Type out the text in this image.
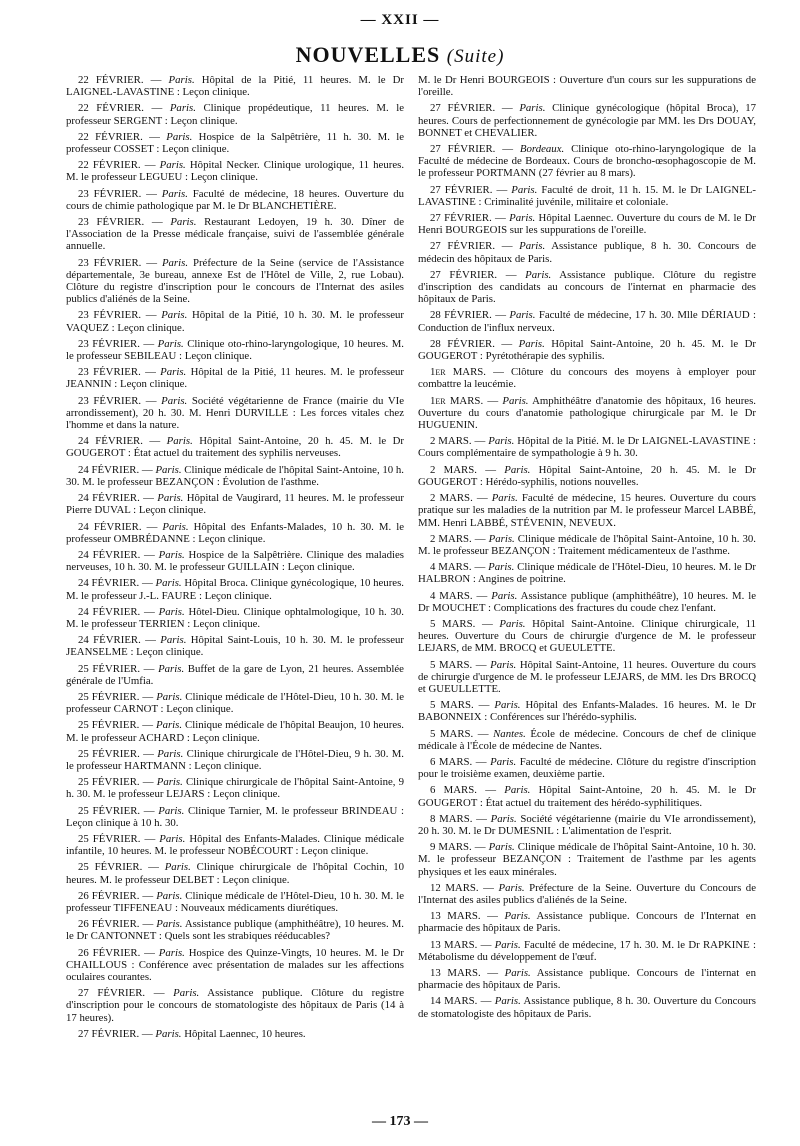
— XXII —
NOUVELLES (Suite)

22 FÉVRIER. — Paris. Hôpital de la Pitié, 11 heures. M. le Dr LAIGNEL-LAVASTINE : Leçon clinique.

22 FÉVRIER. — Paris. Clinique propédeutique, 11 heures. M. le professeur SERGENT : Leçon clinique.

22 FÉVRIER. — Paris. Hospice de la Salpêtrière, 11 h. 30. M. le professeur COSSET : Leçon clinique.

22 FÉVRIER. — Paris. Hôpital Necker. Clinique urologique, 11 heures. M. le professeur LEGUEU : Leçon clinique.

23 FÉVRIER. — Paris. Faculté de médecine, 18 heures. Ouverture du cours de chimie pathologique par M. le Dr BLANCHETIÈRE.

23 FÉVRIER. — Paris. Restaurant Ledoyen, 19 h. 30. Dîner de l'Association de la Presse médicale française, suivi de l'assemblée générale annuelle.

23 FÉVRIER. — Paris. Préfecture de la Seine (service de l'Assistance départementale, 3e bureau, annexe Est de l'Hôtel de Ville, 2, rue Lobau). Clôture du registre d'inscription pour le concours de l'Internat des asiles publics d'aliénés de la Seine.

23 FÉVRIER. — Paris. Hôpital de la Pitié, 10 h. 30. M. le professeur VAQUEZ : Leçon clinique.

23 FÉVRIER. — Paris. Clinique oto-rhino-laryngologique, 10 heures. M. le professeur SEBILEAU : Leçon clinique.

23 FÉVRIER. — Paris. Hôpital de la Pitié, 11 heures. M. le professeur JEANNIN : Leçon clinique.

23 FÉVRIER. — Paris. Société végétarienne de France (mairie du VIe arrondissement), 20 h. 30. M. Henri DURVILLE : Les forces vitales chez l'homme et dans la nature.

24 FÉVRIER. — Paris. Hôpital Saint-Antoine, 20 h. 45. M. le Dr GOUGEROT : État actuel du traitement des syphilis nerveuses.

24 FÉVRIER. — Paris. Clinique médicale de l'hôpital Saint-Antoine, 10 h. 30. M. le professeur BEZANÇON : Évolution de l'asthme.

24 FÉVRIER. — Paris. Hôpital de Vaugirard, 11 heures. M. le professeur Pierre DUVAL : Leçon clinique.

24 FÉVRIER. — Paris. Hôpital des Enfants-Malades, 10 h. 30. M. le professeur OMBRÉDANNE : Leçon clinique.

24 FÉVRIER. — Paris. Hospice de la Salpêtrière. Clinique des maladies nerveuses, 10 h. 30. M. le professeur GUILLAIN : Leçon clinique.

24 FÉVRIER. — Paris. Hôpital Broca. Clinique gynécologique, 10 heures. M. le professeur J.-L. FAURE : Leçon clinique.

24 FÉVRIER. — Paris. Hôtel-Dieu. Clinique ophtalmologique, 10 h. 30. M. le professeur TERRIEN : Leçon clinique.

24 FÉVRIER. — Paris. Hôpital Saint-Louis, 10 h. 30. M. le professeur JEANSELME : Leçon clinique.

25 FÉVRIER. — Paris. Buffet de la gare de Lyon, 21 heures. Assemblée générale de l'Umfia.

25 FÉVRIER. — Paris. Clinique médicale de l'Hôtel-Dieu, 10 h. 30. M. le professeur CARNOT : Leçon clinique.

25 FÉVRIER. — Paris. Clinique médicale de l'hôpital Beaujon, 10 heures. M. le professeur ACHARD : Leçon clinique.

25 FÉVRIER. — Paris. Clinique chirurgicale de l'Hôtel-Dieu, 9 h. 30. M. le professeur HARTMANN : Leçon clinique.

25 FÉVRIER. — Paris. Clinique chirurgicale de l'hôpital Saint-Antoine, 9 h. 30. M. le professeur LEJARS : Leçon clinique.

25 FÉVRIER. — Paris. Clinique Tarnier, M. le professeur BRINDEAU : Leçon clinique à 10 h. 30.

25 FÉVRIER. — Paris. Hôpital des Enfants-Malades. Clinique médicale infantile, 10 heures. M. le professeur NOBÉCOURT : Leçon clinique.

25 FÉVRIER. — Paris. Clinique chirurgicale de l'hôpital Cochin, 10 heures. M. le professeur DELBET : Leçon clinique.

26 FÉVRIER. — Paris. Clinique médicale de l'Hôtel-Dieu, 10 h. 30. M. le professeur TIFFENEAU : Nouveaux médicaments diurétiques.

26 FÉVRIER. — Paris. Assistance publique (amphithéâtre), 10 heures. M. le Dr CANTONNET : Quels sont les strabiques rééducables?

26 FÉVRIER. — Paris. Hospice des Quinze-Vingts, 10 heures. M. le Dr CHAILLOUS : Conférence avec présentation de malades sur les affections oculaires courantes.

27 FÉVRIER. — Paris. Assistance publique. Clôture du registre d'inscription pour le concours de stomatologiste des hôpitaux de Paris (14 à 17 heures).

27 FÉVRIER. — Paris. Hôpital Laennec, 10 heures.

M. le Dr Henri BOURGEOIS : Ouverture d'un cours sur les suppurations de l'oreille.

27 FÉVRIER. — Paris. Clinique gynécologique (hôpital Broca), 17 heures. Cours de perfectionnement de gynécologie par MM. les Drs DOUAY, BONNET et CHEVALIER.

27 FÉVRIER. — Bordeaux. Clinique oto-rhino-laryngologique de la Faculté de médecine de Bordeaux. Cours de broncho-œsophagoscopie de M. le professeur PORTMANN (27 février au 8 mars).

27 FÉVRIER. — Paris. Faculté de droit, 11 h. 15. M. le Dr LAIGNEL-LAVASTINE : Criminalité juvénile, militaire et coloniale.

27 FÉVRIER. — Paris. Hôpital Laennec. Ouverture du cours de M. le Dr Henri BOURGEOIS sur les suppurations de l'oreille.

27 FÉVRIER. — Paris. Assistance publique, 8 h. 30. Concours de médecin des hôpitaux de Paris.

27 FÉVRIER. — Paris. Assistance publique. Clôture du registre d'inscription des candidats au concours de l'internat en pharmacie des hôpitaux de Paris.

28 FÉVRIER. — Paris. Faculté de médecine, 17 h. 30. Mlle DÉRIAUD : Conduction de l'influx nerveux.

28 FÉVRIER. — Paris. Hôpital Saint-Antoine, 20 h. 45. M. le Dr GOUGEROT : Pyrétothérapie des syphilis.

1er MARS. — Clôture du concours des moyens à employer pour combattre la leucémie.

1er MARS. — Paris. Amphithéâtre d'anatomie des hôpitaux, 16 heures. Ouverture du cours d'anatomie pathologique chirurgicale par M. le Dr HUGUENIN.

2 MARS. — Paris. Hôpital de la Pitié. M. le Dr LAIGNEL-LAVASTINE : Cours complémentaire de sympathologie à 9 h. 30.

2 MARS. — Paris. Hôpital Saint-Antoine, 20 h. 45. M. le Dr GOUGEROT : Hérédo-syphilis, notions nouvelles.

2 MARS. — Paris. Faculté de médecine, 15 heures. Ouverture du cours pratique sur les maladies de la nutrition par M. le professeur Marcel LABBÉ, MM. Henri LABBÉ, STÉVENIN, NEVEUX.

2 MARS. — Paris. Clinique médicale de l'hôpital Saint-Antoine, 10 h. 30. M. le professeur BEZANÇON : Traitement médicamenteux de l'asthme.

4 MARS. — Paris. Clinique médicale de l'Hôtel-Dieu, 10 heures. M. le Dr HALBRON : Angines de poitrine.

4 MARS. — Paris. Assistance publique (amphithéâtre), 10 heures. M. le Dr MOUCHET : Complications des fractures du coude chez l'enfant.

5 MARS. — Paris. Hôpital Saint-Antoine. Clinique chirurgicale, 11 heures. Ouverture du Cours de chirurgie d'urgence de M. le professeur LEJARS, de MM. BROCQ et GUEULETTE.

5 MARS. — Paris. Hôpital Saint-Antoine, 11 heures. Ouverture du cours de chirurgie d'urgence de M. le professeur LEJARS, de MM. les Drs BROCQ et GUEULLETTE.

5 MARS. — Paris. Hôpital des Enfants-Malades. 16 heures. M. le Dr BABONNEIX : Conférences sur l'hérédo-syphilis.

5 MARS. — Nantes. École de médecine. Concours de chef de clinique médicale à l'École de médecine de Nantes.

6 MARS. — Paris. Faculté de médecine. Clôture du registre d'inscription pour le troisième examen, deuxième partie.

6 MARS. — Paris. Hôpital Saint-Antoine, 20 h. 45. M. le Dr GOUGEROT : État actuel du traitement des hérédo-syphilitiques.

8 MARS. — Paris. Société végétarienne (mairie du VIe arrondissement), 20 h. 30. M. le Dr DUMESNIL : L'alimentation de l'esprit.

9 MARS. — Paris. Clinique médicale de l'hôpital Saint-Antoine, 10 h. 30. M. le professeur BEZANÇON : Traitement de l'asthme par les agents physiques et les eaux minérales.

12 MARS. — Paris. Préfecture de la Seine. Ouverture du Concours de l'Internat des asiles publics d'aliénés de la Seine.

13 MARS. — Paris. Assistance publique. Concours de l'Internat en pharmacie des hôpitaux de Paris.

13 MARS. — Paris. Faculté de médecine, 17 h. 30. M. le Dr RAPKINE : Métabolisme du développement de l'œuf.

13 MARS. — Paris. Assistance publique. Concours de l'internat en pharmacie des hôpitaux de Paris.

14 MARS. — Paris. Assistance publique, 8 h. 30. Ouverture du Concours de stomatologiste des hôpitaux de Paris.

— 173 —
